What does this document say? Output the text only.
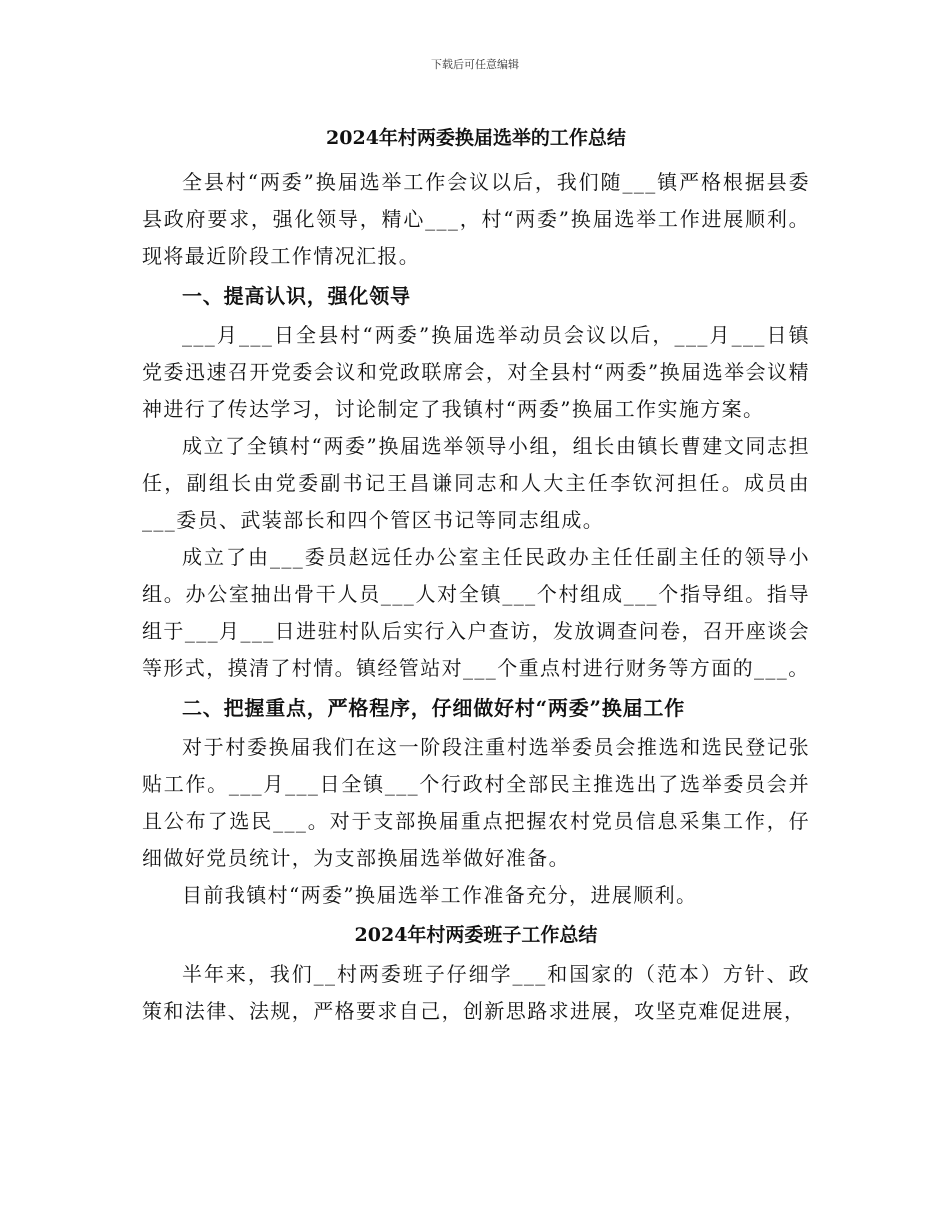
下载后可任意编辑
2024年村两委换届选举的工作总结

全县村“两委”换届选举工作会议以后，我们随___镇严格根据县委县政府要求，强化领导，精心___，村“两委”换届选举工作进展顺利。现将最近阶段工作情况汇报。

一、提高认识，强化领导

___月___日全县村“两委”换届选举动员会议以后，___月___日镇党委迅速召开党委会议和党政联席会，对全县村“两委”换届选举会议精神进行了传达学习，讨论制定了我镇村“两委”换届工作实施方案。

成立了全镇村“两委”换届选举领导小组，组长由镇长曹建文同志担任，副组长由党委副书记王昌谦同志和人大主任李钦河担任。成员由___委员、武装部长和四个管区书记等同志组成。

成立了由___委员赵远任办公室主任民政办主任任副主任的领导小组。办公室抽出骨干人员___人对全镇___个村组成___个指导组。指导组于___月___日进驻村队后实行入户查访，发放调查问卷，召开座谈会等形式，摸清了村情。镇经管站对___个重点村进行财务等方面的___。

二、把握重点，严格程序，仔细做好村“两委”换届工作

对于村委换届我们在这一阶段注重村选举委员会推选和选民登记张贴工作。___月___日全镇___个行政村全部民主推选出了选举委员会并且公布了选民___。对于支部换届重点把握农村党员信息采集工作，仔细做好党员统计，为支部换届选举做好准备。

目前我镇村“两委”换届选举工作准备充分，进展顺利。

2024年村两委班子工作总结

半年来，我们__村两委班子仔细学___和国家的（范本）方针、政策和法律、法规，严格要求自己，创新思路求进展，攻坚克难促进展，
